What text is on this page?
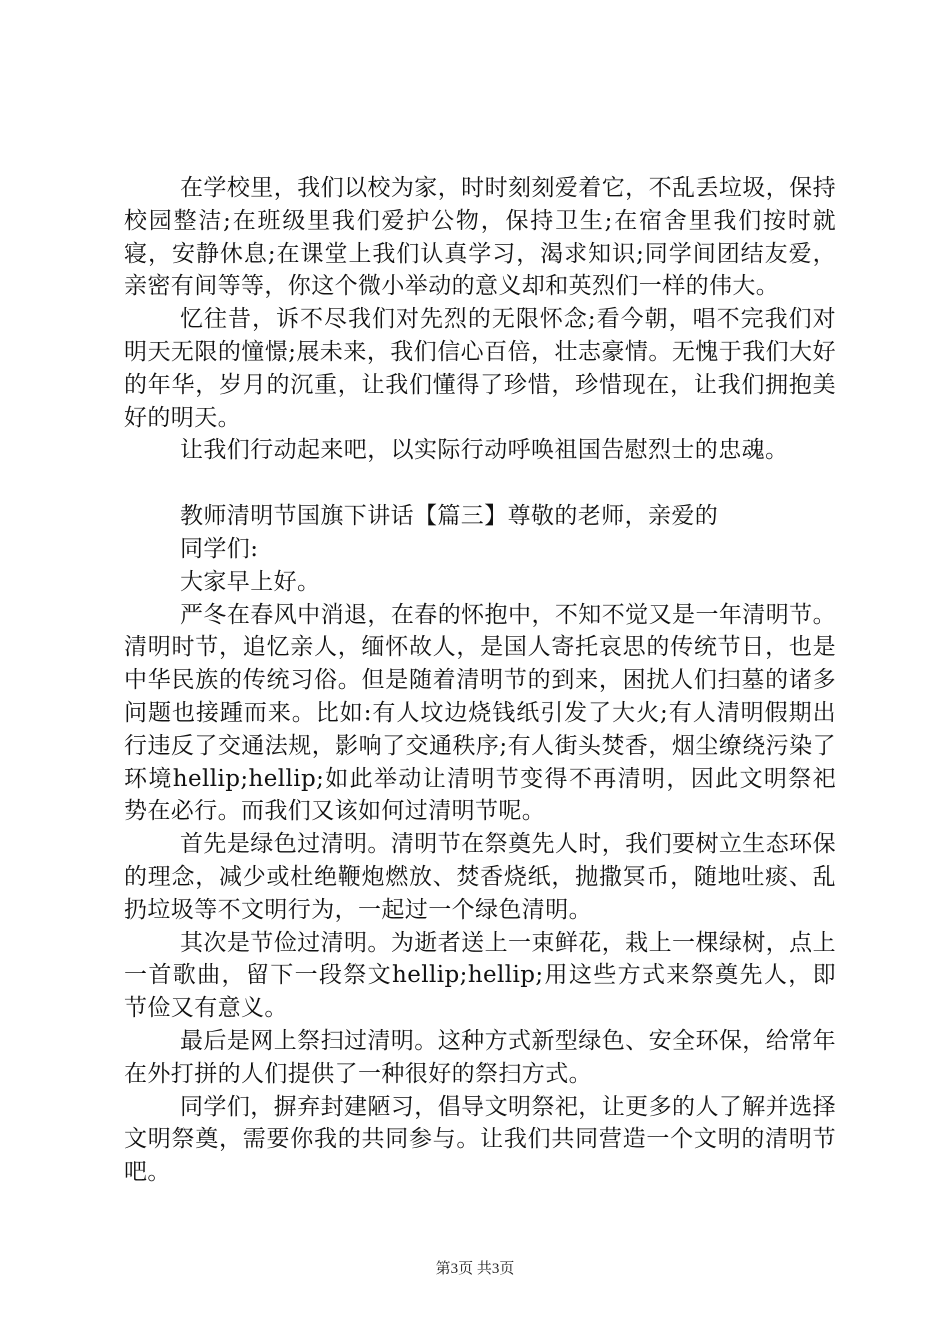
在学校里，我们以校为家，时时刻刻爱着它，不乱丢垃圾，保持校园整洁;在班级里我们爱护公物，保持卫生;在宿舍里我们按时就寝，安静休息;在课堂上我们认真学习，渴求知识;同学间团结友爱，亲密有间等等，你这个微小举动的意义却和英烈们一样的伟大。

忆往昔，诉不尽我们对先烈的无限怀念;看今朝，唱不完我们对明天无限的憧憬;展未来，我们信心百倍，壮志豪情。无愧于我们大好的年华，岁月的沉重，让我们懂得了珍惜，珍惜现在，让我们拥抱美好的明天。

让我们行动起来吧，以实际行动呼唤祖国告慰烈士的忠魂。

教师清明节国旗下讲话【篇三】尊敬的老师，亲爱的

同学们:

大家早上好。

严冬在春风中消退，在春的怀抱中，不知不觉又是一年清明节。清明时节，追忆亲人，缅怀故人，是国人寄托哀思的传统节日，也是中华民族的传统习俗。但是随着清明节的到来，困扰人们扫墓的诸多问题也接踵而来。比如:有人坟边烧钱纸引发了大火;有人清明假期出行违反了交通法规，影响了交通秩序;有人街头焚香，烟尘缭绕污染了环境hellip;hellip;如此举动让清明节变得不再清明，因此文明祭祀势在必行。而我们又该如何过清明节呢。

首先是绿色过清明。清明节在祭奠先人时，我们要树立生态环保的理念，减少或杜绝鞭炮燃放、焚香烧纸，抛撒冥币，随地吐痰、乱扔垃圾等不文明行为，一起过一个绿色清明。

其次是节俭过清明。为逝者送上一束鲜花，栽上一棵绿树，点上一首歌曲，留下一段祭文hellip;hellip;用这些方式来祭奠先人，即节俭又有意义。

最后是网上祭扫过清明。这种方式新型绿色、安全环保，给常年在外打拼的人们提供了一种很好的祭扫方式。

同学们，摒弃封建陋习，倡导文明祭祀，让更多的人了解并选择文明祭奠，需要你我的共同参与。让我们共同营造一个文明的清明节吧。

第3页 共3页
